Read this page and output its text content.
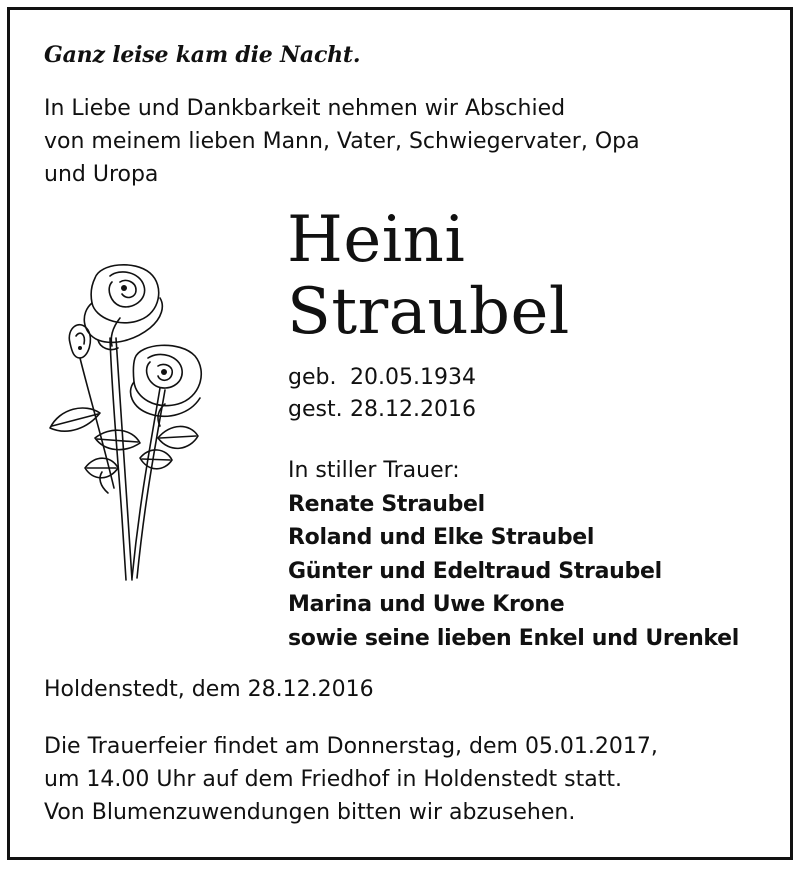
Ganz leise kam die Nacht.
In Liebe und Dankbarkeit nehmen wir Abschied
von meinem lieben Mann, Vater, Schwiegervater, Opa
und Uropa
Heini
Straubel
geb. 20.05.1934
gest. 28.12.2016
In stiller Trauer:
Renate Straubel
Roland und Elke Straubel
Günter und Edeltraud Straubel
Marina und Uwe Krone
sowie seine lieben Enkel und Urenkel
Holdenstedt, dem 28.12.2016
Die Trauerfeier findet am Donnerstag, dem 05.01.2017,
um 14.00 Uhr auf dem Friedhof in Holdenstedt statt.
Von Blumenzuwendungen bitten wir abzusehen.
